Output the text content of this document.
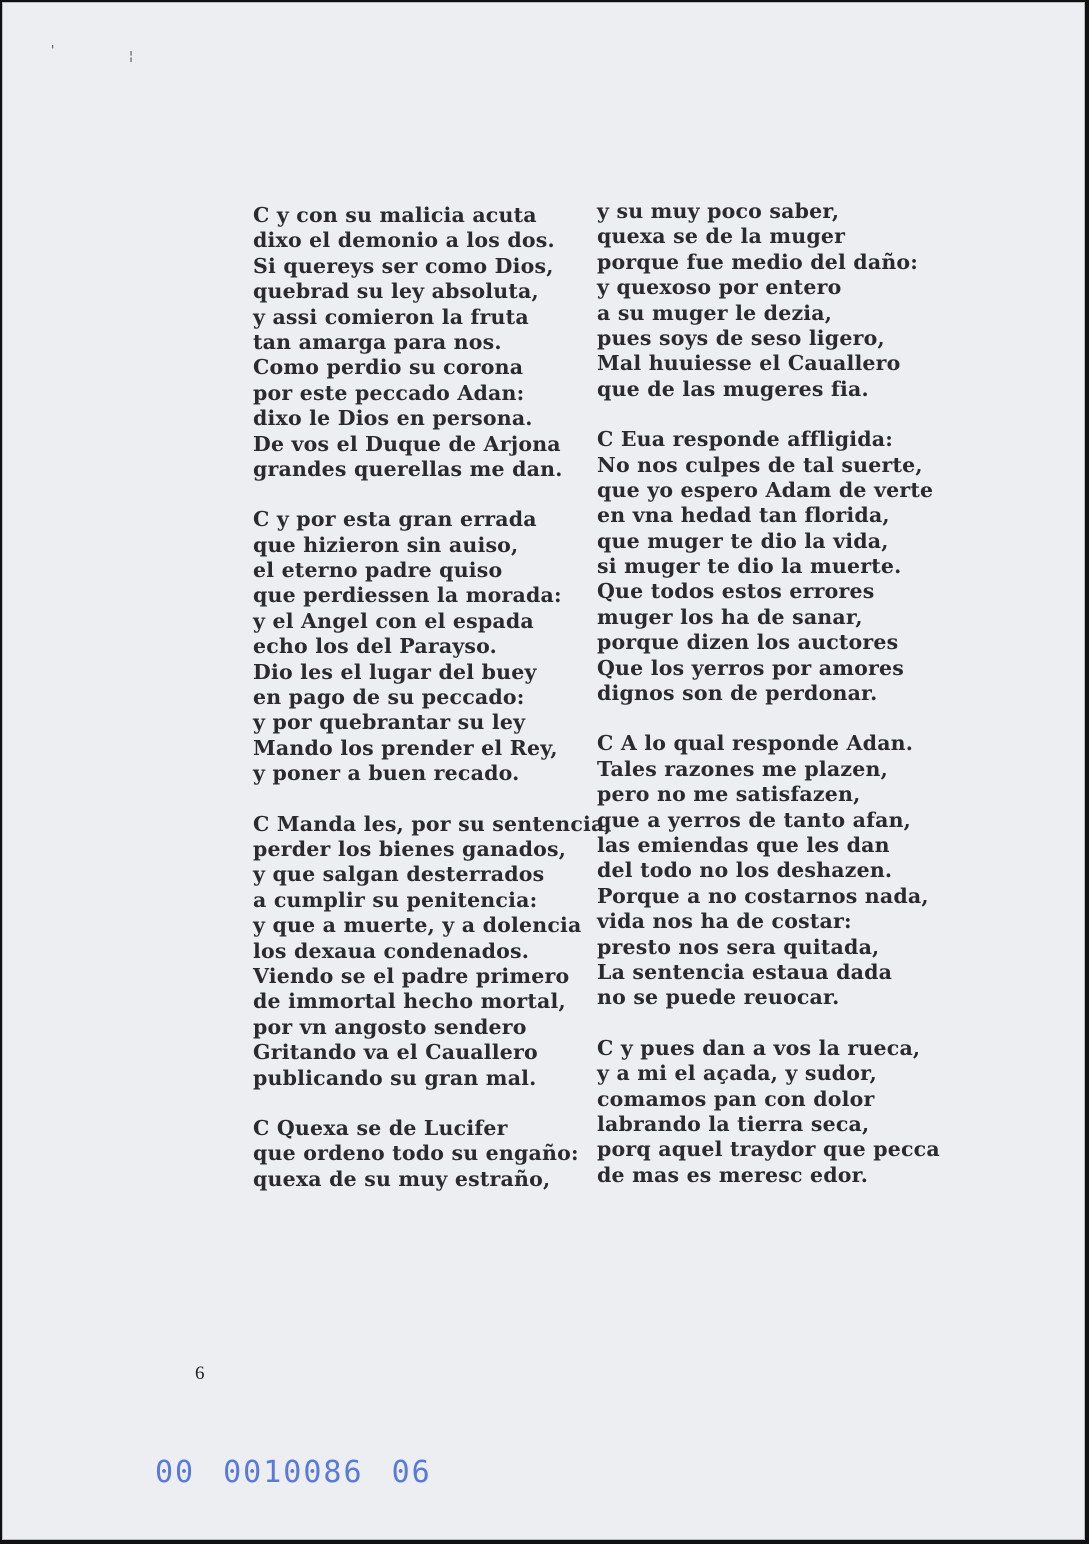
'	¦
C y con su malicia acuta
dixo el demonio a los dos.
Si quereys ser como Dios,
quebrad su ley absoluta,
y assi comieron la fruta
tan amarga para nos.
Como perdio su corona
por este peccado Adan:
dixo le Dios en persona.
De vos el Duque de Arjona
grandes querellas me dan.
C y por esta gran errada
que hizieron sin auiso,
el eterno padre quiso
que perdiessen la morada:
y el Angel con el espada
echo los del Parayso.
Dio les el lugar del buey
en pago de su peccado:
y por quebrantar su ley
Mando los prender el Rey,
y poner a buen recado.
C Manda les, por su sentencia,
perder los bienes ganados,
y que salgan desterrados
a cumplir su penitencia:
y que a muerte, y a dolencia
los dexaua condenados.
Viendo se el padre primero
de immortal hecho mortal,
por vn angosto sendero
Gritando va el Cauallero
publicando su gran mal.
C Quexa se de Lucifer
que ordeno todo su engaño:
quexa de su muy estraño,
y su muy poco saber,
quexa se de la muger
porque fue medio del daño:
y quexoso por entero
a su muger le dezia,
pues soys de seso ligero,
Mal huuiesse el Cauallero
que de las mugeres fia.
C Eua responde affligida:
No nos culpes de tal suerte,
que yo espero Adam de verte
en vna hedad tan florida,
que muger te dio la vida,
si muger te dio la muerte.
Que todos estos errores
muger los ha de sanar,
porque dizen los auctores
Que los yerros por amores
dignos son de perdonar.
C A lo qual responde Adan.
Tales razones me plazen,
pero no me satisfazen,
que a yerros de tanto afan,
las emiendas que les dan
del todo no los deshazen.
Porque a no costarnos nada,
vida nos ha de costar:
presto nos sera quitada,
La sentencia estaua dada
no se puede reuocar.
C y pues dan a vos la rueca,
y a mi el açada, y sudor,
comamos pan con dolor
labrando la tierra seca,
porq aquel traydor que pecca
de mas es meresc edor.
6
00 0010086 06
